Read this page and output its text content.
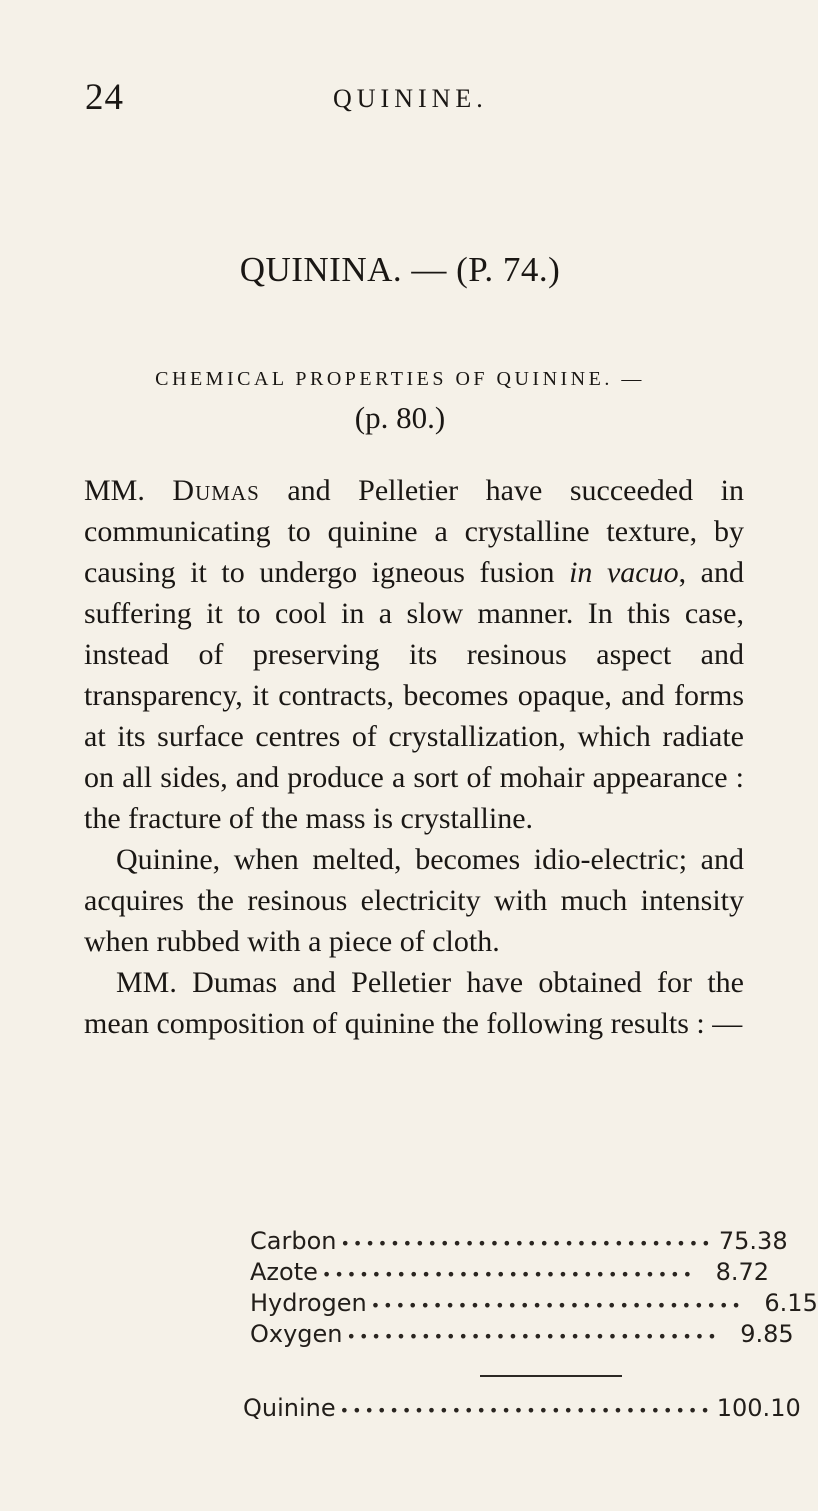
24	QUININE.
QUININA. — (P. 74.)
CHEMICAL PROPERTIES OF QUININE. —
(p. 80.)

MM. Dumas and Pelletier have succeeded in communicating to quinine a crystalline texture, by causing it to undergo igneous fusion in vacuo, and suffering it to cool in a slow manner. In this case, instead of preserving its resinous aspect and transparency, it contracts, becomes opaque, and forms at its surface centres of crystallization, which radiate on all sides, and produce a sort of mohair appearance : the fracture of the mass is crystalline.

Quinine, when melted, becomes idio-electric; and acquires the resinous electricity with much intensity when rubbed with a piece of cloth.

MM. Dumas and Pelletier have obtained for the mean composition of quinine the following results : —

Carbon •••••••••••••••••••••••••••••• 75.38
Azote •••••••••••••••••••••••••••••• 8.72
Hydrogen •••••••••••••••••••••••••••••• 6.15
Oxygen •••••••••••••••••••••••••••••• 9.85
Quinine •••••••••••••••••••••••••••••• 100.10
